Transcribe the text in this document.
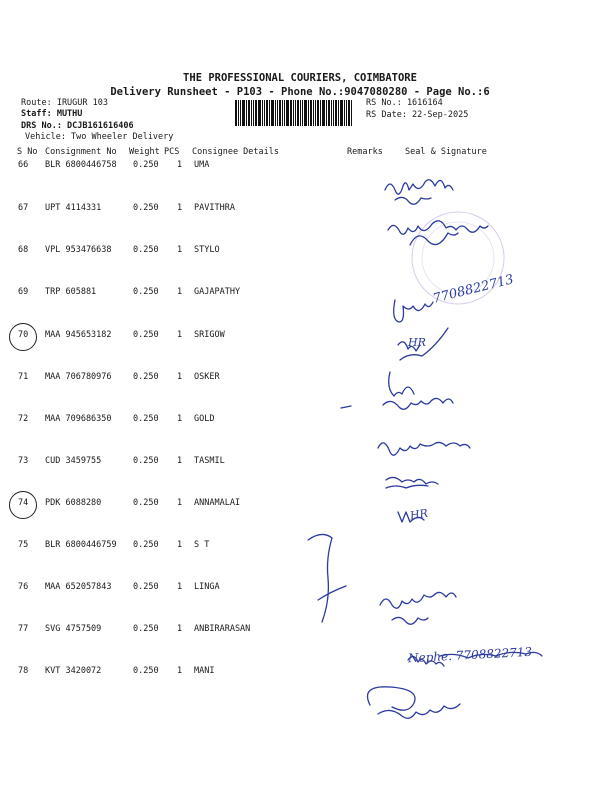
THE PROFESSIONAL COURIERS, COIMBATORE
Delivery Runsheet - P103 - Phone No.:9047080280 - Page No.:6
Route: IRUGUR 103
Staff: MUTHU
DRS No.: DCJB161616406
Vehicle: Two Wheeler Delivery
RS No.: 1616164
RS Date: 22-Sep-2025
S No Consignment No Weight PCS Consignee Details	Remarks	Seal & Signature
66 BLR 6800446758 0.250 1 UMA
67 UPT 4114331	0.250 1 PAVITHRA
68 VPL 953476638	0.250 1 STYLO
69 TRP 605881	0.250 1 GAJAPATHY
70 MAA 945653182	0.250 1 SRIGOW
71 MAA 706780976	0.250 1 OSKER
72 MAA 709686350	0.250 1 GOLD
73 CUD 3459755	0.250 1 TASMIL
74 PDK 6088280	0.250 1 ANNAMALAI
75 BLR 6800446759 0.250 1 S T
76 MAA 652057843	0.250 1 LINGA
77 SVG 4757509	0.250 1 ANBIRARASAN
78 KVT 3420072	0.250 1 MANI
7708822713
HR
HR
Nephe. 7708822713
